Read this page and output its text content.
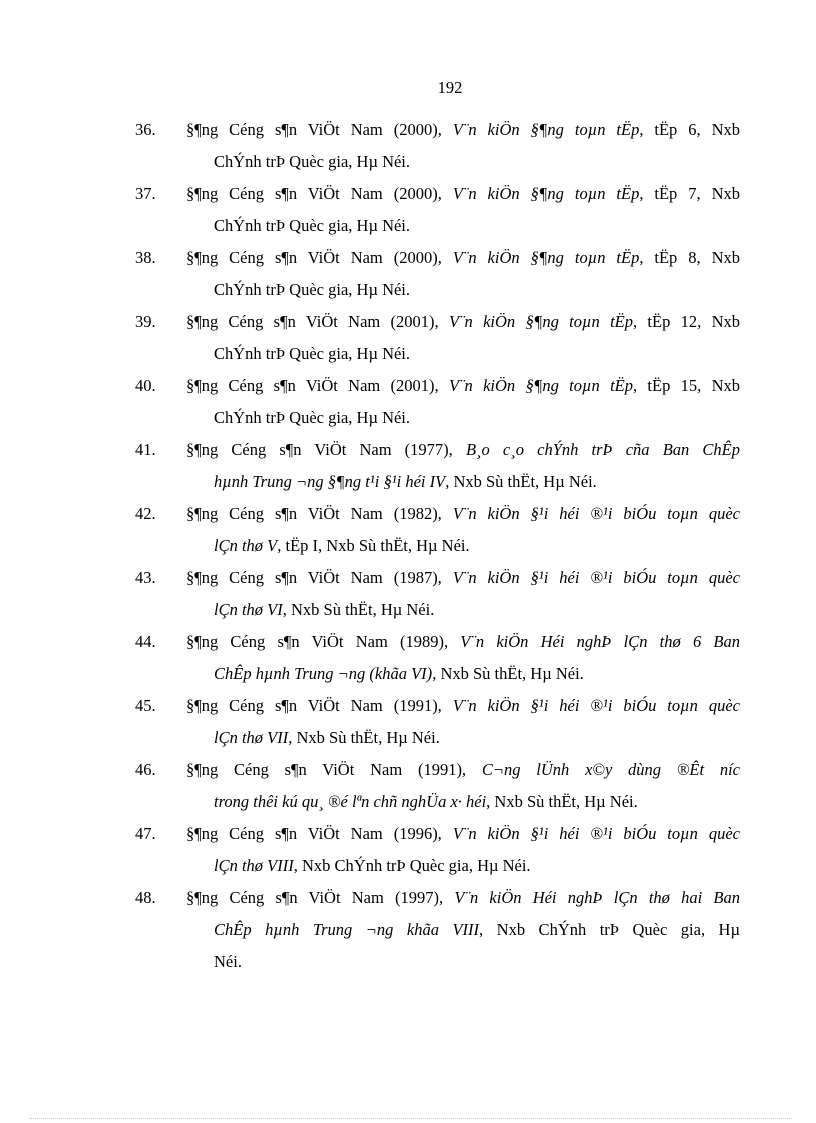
192
36. §¶ng Céng s¶n ViÖt Nam (2000), V¨n kiÖn §¶ng toµn tËp, tËp 6, Nxb
ChÝnh trÞ Quèc gia, Hµ Néi.
37. §¶ng Céng s¶n ViÖt Nam (2000), V¨n kiÖn §¶ng toµn tËp, tËp 7, Nxb
ChÝnh trÞ Quèc gia, Hµ Néi.
38. §¶ng Céng s¶n ViÖt Nam (2000), V¨n kiÖn §¶ng toµn tËp, tËp 8, Nxb
ChÝnh trÞ Quèc gia, Hµ Néi.
39. §¶ng Céng s¶n ViÖt Nam (2001), V¨n kiÖn §¶ng toµn tËp, tËp 12, Nxb
ChÝnh trÞ Quèc gia, Hµ Néi.
40. §¶ng Céng s¶n ViÖt Nam (2001), V¨n kiÖn §¶ng toµn tËp, tËp 15, Nxb
ChÝnh trÞ Quèc gia, Hµ Néi.
41. §¶ng Céng s¶n ViÖt Nam (1977), B¸o c¸o chÝnh trÞ cña Ban ChÊp
hµnh Trung ¬ng §¶ng t¹i §¹i héi IV, Nxb Sù thËt, Hµ Néi.
42. §¶ng Céng s¶n ViÖt Nam (1982), V¨n kiÖn §¹i héi ®¹i biÓu toµn quèc
lÇn thø V, tËp I, Nxb Sù thËt, Hµ Néi.
43. §¶ng Céng s¶n ViÖt Nam (1987), V¨n kiÖn §¹i héi ®¹i biÓu toµn quèc
lÇn thø VI, Nxb Sù thËt, Hµ Néi.
44. §¶ng Céng s¶n ViÖt Nam (1989), V¨n kiÖn Héi nghÞ lÇn thø 6 Ban
ChÊp hµnh Trung ¬ng (khãa VI), Nxb Sù thËt, Hµ Néi.
45. §¶ng Céng s¶n ViÖt Nam (1991), V¨n kiÖn §¹i héi ®¹i biÓu toµn quèc
lÇn thø VII, Nxb Sù thËt, Hµ Néi.
46. §¶ng Céng s¶n ViÖt Nam (1991), C¬ng lÜnh x©y dùng ®Êt níc
trong thêi kú qu¸ ®é lªn chñ nghÜa x· héi, Nxb Sù thËt, Hµ Néi.
47. §¶ng Céng s¶n ViÖt Nam (1996), V¨n kiÖn §¹i héi ®¹i biÓu toµn quèc
lÇn thø VIII, Nxb ChÝnh trÞ Quèc gia, Hµ Néi.
48. §¶ng Céng s¶n ViÖt Nam (1997), V¨n kiÖn Héi nghÞ lÇn thø hai Ban
ChÊp hµnh Trung ¬ng khãa VIII, Nxb ChÝnh trÞ Quèc gia, Hµ
Néi.
